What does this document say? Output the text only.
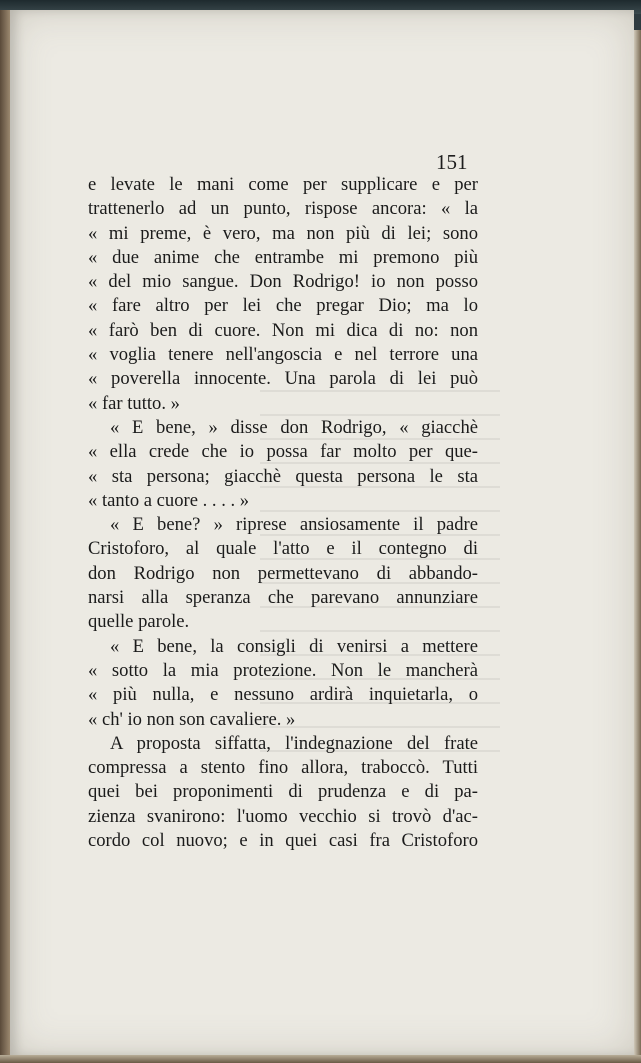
151
e levate le mani come per supplicare e per
trattenerlo ad un punto, rispose ancora: « la
« mi preme, è vero, ma non più di lei; sono
« due anime che entrambe mi premono più
« del mio sangue. Don Rodrigo! io non posso
« fare altro per lei che pregar Dio; ma lo
« farò ben di cuore. Non mi dica di no: non
« voglia tenere nell'angoscia e nel terrore una
« poverella innocente. Una parola di lei può
« far tutto. »
« E bene, » disse don Rodrigo, « giacchè
« ella crede che io possa far molto per que-
« sta persona; giacchè questa persona le sta
« tanto a cuore . . . . »
« E bene? » riprese ansiosamente il padre
Cristoforo, al quale l'atto e il contegno di
don Rodrigo non permettevano di abbando-
narsi alla speranza che parevano annunziare
quelle parole.
« E bene, la consigli di venirsi a mettere
« sotto la mia protezione. Non le mancherà
« più nulla, e nessuno ardirà inquietarla, o
« ch' io non son cavaliere. »
A proposta siffatta, l'indegnazione del frate
compressa a stento fino allora, traboccò. Tutti
quei bei proponimenti di prudenza e di pa-
zienza svanirono: l'uomo vecchio si trovò d'ac-
cordo col nuovo; e in quei casi fra Cristoforo
